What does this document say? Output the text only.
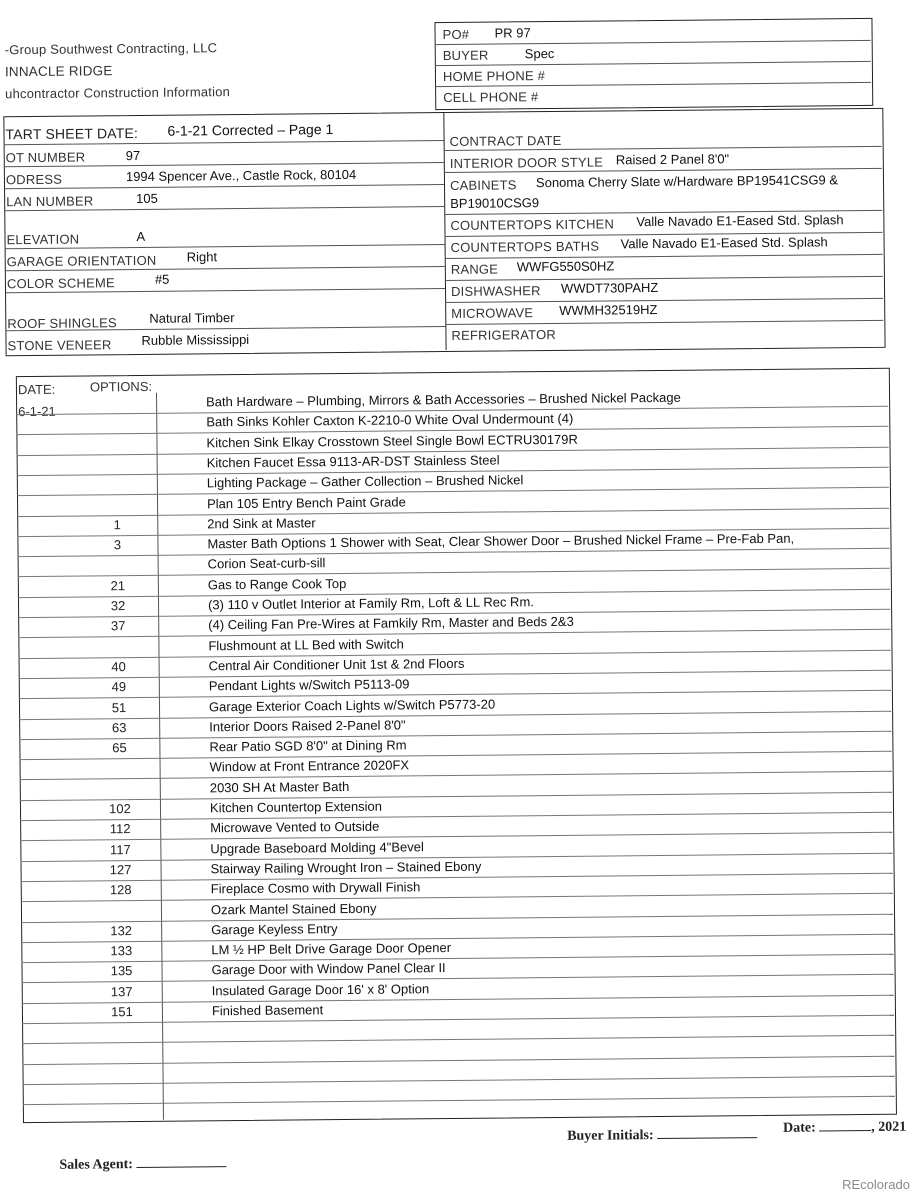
-Group Southwest Contracting, LLC
INNACLE RIDGE
uhcontractor Construction Information
PO# PR 97
BUYER	Spec
HOME PHONE #
CELL PHONE #
TART SHEET DATE: 6-1-21 Corrected – Page 1
OT NUMBER	97
ODRESS	1994 Spencer Ave., Castle Rock, 80104
LAN NUMBER	105
ELEVATION	A
GARAGE ORIENTATION Right
COLOR SCHEME	#5
ROOF SHINGLES Natural Timber
STONE VENEER Rubble Mississippi
CONTRACT DATE
INTERIOR DOOR STYLE Raised 2 Panel 8'0"
CABINETS Sonoma Cherry Slate w/Hardware BP19541CSG9 &
BP19010CSG9
COUNTERTOPS KITCHEN Valle Navado E1-Eased Std. Splash
COUNTERTOPS BATHS Valle Navado E1-Eased Std. Splash
RANGE WWFG550S0HZ
DISHWASHER WWDT730PAHZ
MICROWAVE WWMH32519HZ
REFRIGERATOR
DATE:	OPTIONS:
6-1-21
Bath Hardware – Plumbing, Mirrors & Bath Accessories – Brushed Nickel Package
Bath Sinks Kohler Caxton K-2210-0 White Oval Undermount (4)
Kitchen Sink Elkay Crosstown Steel Single Bowl ECTRU30179R
Kitchen Faucet Essa 9113-AR-DST Stainless Steel
Lighting Package – Gather Collection – Brushed Nickel
Plan 105 Entry Bench Paint Grade
1	2nd Sink at Master
3	Master Bath Options 1 Shower with Seat, Clear Shower Door – Brushed Nickel Frame – Pre-Fab Pan,
Corion Seat-curb-sill
21	Gas to Range Cook Top
32	(3) 110 v Outlet Interior at Family Rm, Loft & LL Rec Rm.
37	(4) Ceiling Fan Pre-Wires at Famkily Rm, Master and Beds 2&3
Flushmount at LL Bed with Switch
40	Central Air Conditioner Unit 1st & 2nd Floors
49	Pendant Lights w/Switch P5113-09
51	Garage Exterior Coach Lights w/Switch P5773-20
63	Interior Doors Raised 2-Panel 8'0"
65	Rear Patio SGD 8'0" at Dining Rm
Window at Front Entrance 2020FX
2030 SH At Master Bath
102	Kitchen Countertop Extension
112	Microwave Vented to Outside
117	Upgrade Baseboard Molding 4"Bevel
127	Stairway Railing Wrought Iron – Stained Ebony
128	Fireplace Cosmo with Drywall Finish
Ozark Mantel Stained Ebony
132	Garage Keyless Entry
133	LM ½ HP Belt Drive Garage Door Opener
135	Garage Door with Window Panel Clear II
137	Insulated Garage Door 16' x 8' Option
151	Finished Basement
Buyer Initials:	Date:	, 2021
Sales Agent:
REcolorado
